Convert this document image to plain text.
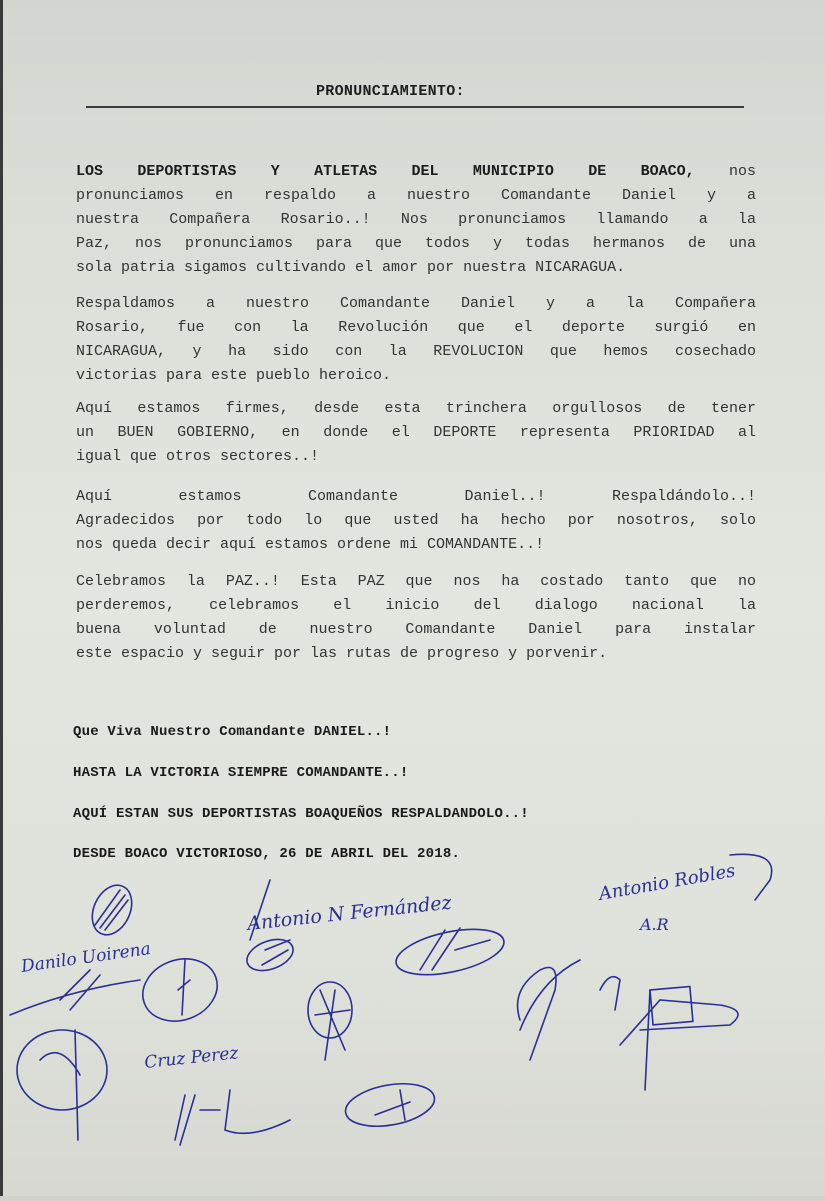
PRONUNCIAMIENTO:
LOS DEPORTISTAS Y ATLETAS DEL MUNICIPIO DE BOACO, nos
pronunciamos en respaldo a nuestro Comandante Daniel y a
nuestra Compañera Rosario..! Nos pronunciamos llamando a la
Paz, nos pronunciamos para que todos y todas hermanos de una
sola patria sigamos cultivando el amor por nuestra NICARAGUA.
Respaldamos a nuestro Comandante Daniel y a la Compañera
Rosario, fue con la Revolución que el deporte surgió en
NICARAGUA, y ha sido con la REVOLUCION que hemos cosechado
victorias para este pueblo heroico.
Aquí estamos firmes, desde esta trinchera orgullosos de tener
un BUEN GOBIERNO, en donde el DEPORTE representa PRIORIDAD al
igual que otros sectores..!
Aquí estamos Comandante Daniel..! Respaldándolo..!
Agradecidos por todo lo que usted ha hecho por nosotros, solo
nos queda decir aquí estamos ordene mi COMANDANTE..!
Celebramos la PAZ..! Esta PAZ que nos ha costado tanto que no
perderemos, celebramos el inicio del dialogo nacional la
buena voluntad de nuestro Comandante Daniel para instalar
este espacio y seguir por las rutas de progreso y porvenir.
Que Viva Nuestro Comandante DANIEL..!
HASTA LA VICTORIA SIEMPRE COMANDANTE..!
AQUÍ ESTAN SUS DEPORTISTAS BOAQUEÑOS RESPALDANDOLO..!
DESDE BOACO VICTORIOSO, 26 DE ABRIL DEL 2018.
Danilo Uoirena
Antonio N Fernández
Antonio Robles
A.R
Cruz Perez
